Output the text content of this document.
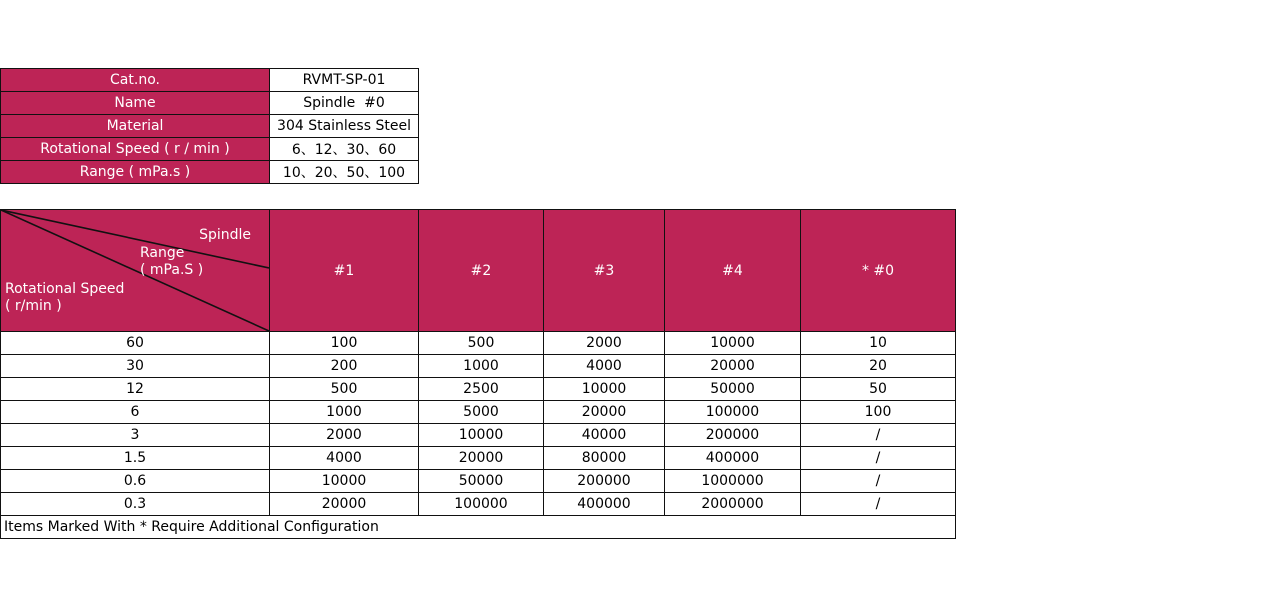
Cat.no.	RVMT-SP-01
Name	Spindle  #0
Material	304 Stainless Steel
Rotational Speed ( r / min )	6、12、30、60
Range ( mPa.s )	10、20、50、100
Spindle
Range
( mPa.S )
Rotational Speed
( r/min )	#1	#2	#3	#4	* #0
60	100	500	2000	10000	10
30	200	1000	4000	20000	20
12	500	2500	10000	50000	50
6	1000	5000	20000	100000	100
3	2000	10000	40000	200000	/
1.5	4000	20000	80000	400000	/
0.6	10000	50000	200000	1000000	/
0.3	20000	100000	400000	2000000	/
Items Marked With * Require Additional Configuration					
